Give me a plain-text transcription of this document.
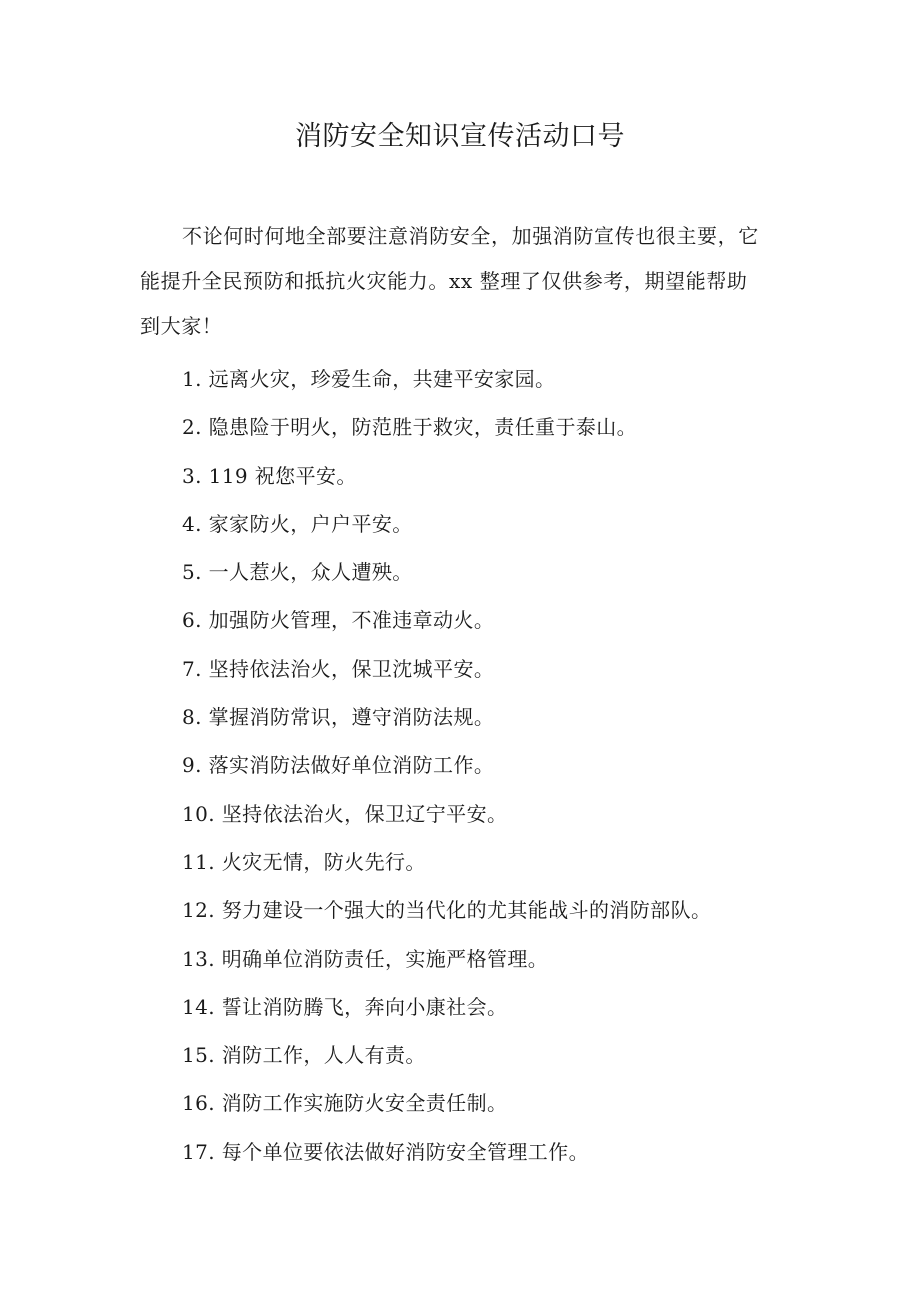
消防安全知识宣传活动口号

不论何时何地全部要注意消防安全，加强消防宣传也很主要，它
能提升全民预防和抵抗火灾能力。xx 整理了仅供参考，期望能帮助
到大家！

1. 远离火灾，珍爱生命，共建平安家园。
2. 隐患险于明火，防范胜于救灾，责任重于泰山。
3. 119 祝您平安。
4. 家家防火，户户平安。
5. 一人惹火，众人遭殃。
6. 加强防火管理，不准违章动火。
7. 坚持依法治火，保卫沈城平安。
8. 掌握消防常识，遵守消防法规。
9. 落实消防法做好单位消防工作。
10. 坚持依法治火，保卫辽宁平安。
11. 火灾无情，防火先行。
12. 努力建设一个强大的当代化的尤其能战斗的消防部队。
13. 明确单位消防责任，实施严格管理。
14. 誓让消防腾飞，奔向小康社会。
15. 消防工作，人人有责。
16. 消防工作实施防火安全责任制。
17. 每个单位要依法做好消防安全管理工作。
